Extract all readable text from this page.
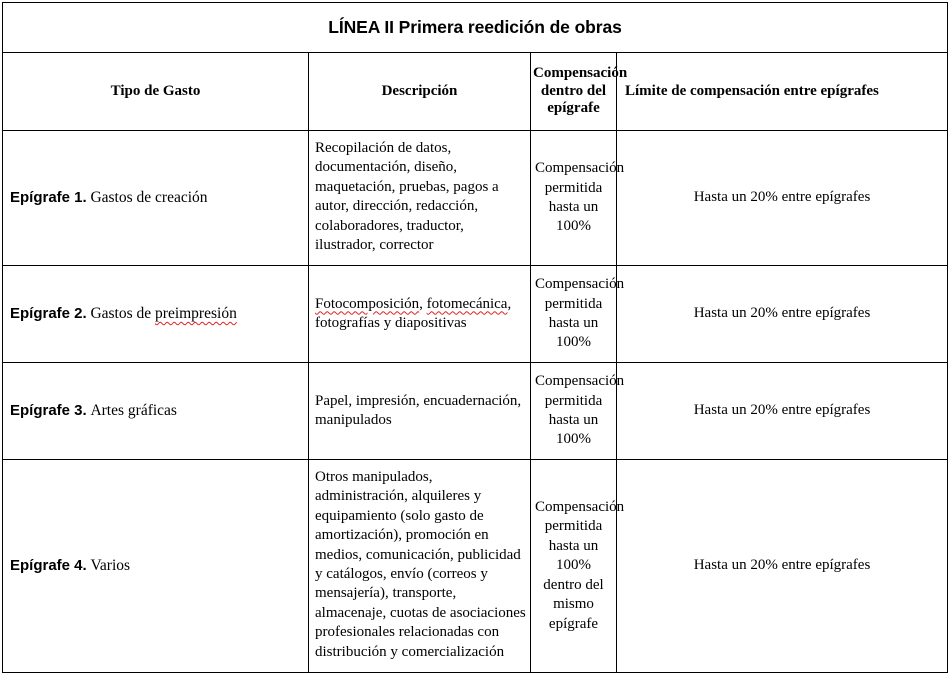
LÍNEA II Primera reedición de obras			
Tipo de Gasto	Descripción	Compensación dentro del epígrafe	Límite de compensación entre epígrafes
Epígrafe 1. Gastos de creación	Recopilación de datos, documentación, diseño, maquetación, pruebas, pagos a autor, dirección, redacción, colaboradores, traductor, ilustrador, corrector	Compensación permitida hasta un 100%	Hasta un 20% entre epígrafes
Epígrafe 2. Gastos de preimpresión	Fotocomposición, fotomecánica, fotografías y diapositivas	Compensación permitida hasta un 100%	Hasta un 20% entre epígrafes
Epígrafe 3. Artes gráficas	Papel, impresión, encuadernación, manipulados	Compensación permitida hasta un 100%	Hasta un 20% entre epígrafes
Epígrafe 4. Varios	Otros manipulados, administración, alquileres y equipamiento (solo gasto de amortización), promoción en medios, comunicación, publicidad y catálogos, envío (correos y mensajería), transporte, almacenaje, cuotas de asociaciones profesionales relacionadas con distribución y comercialización	Compensación permitida hasta un 100% dentro del mismo epígrafe	Hasta un 20% entre epígrafes
